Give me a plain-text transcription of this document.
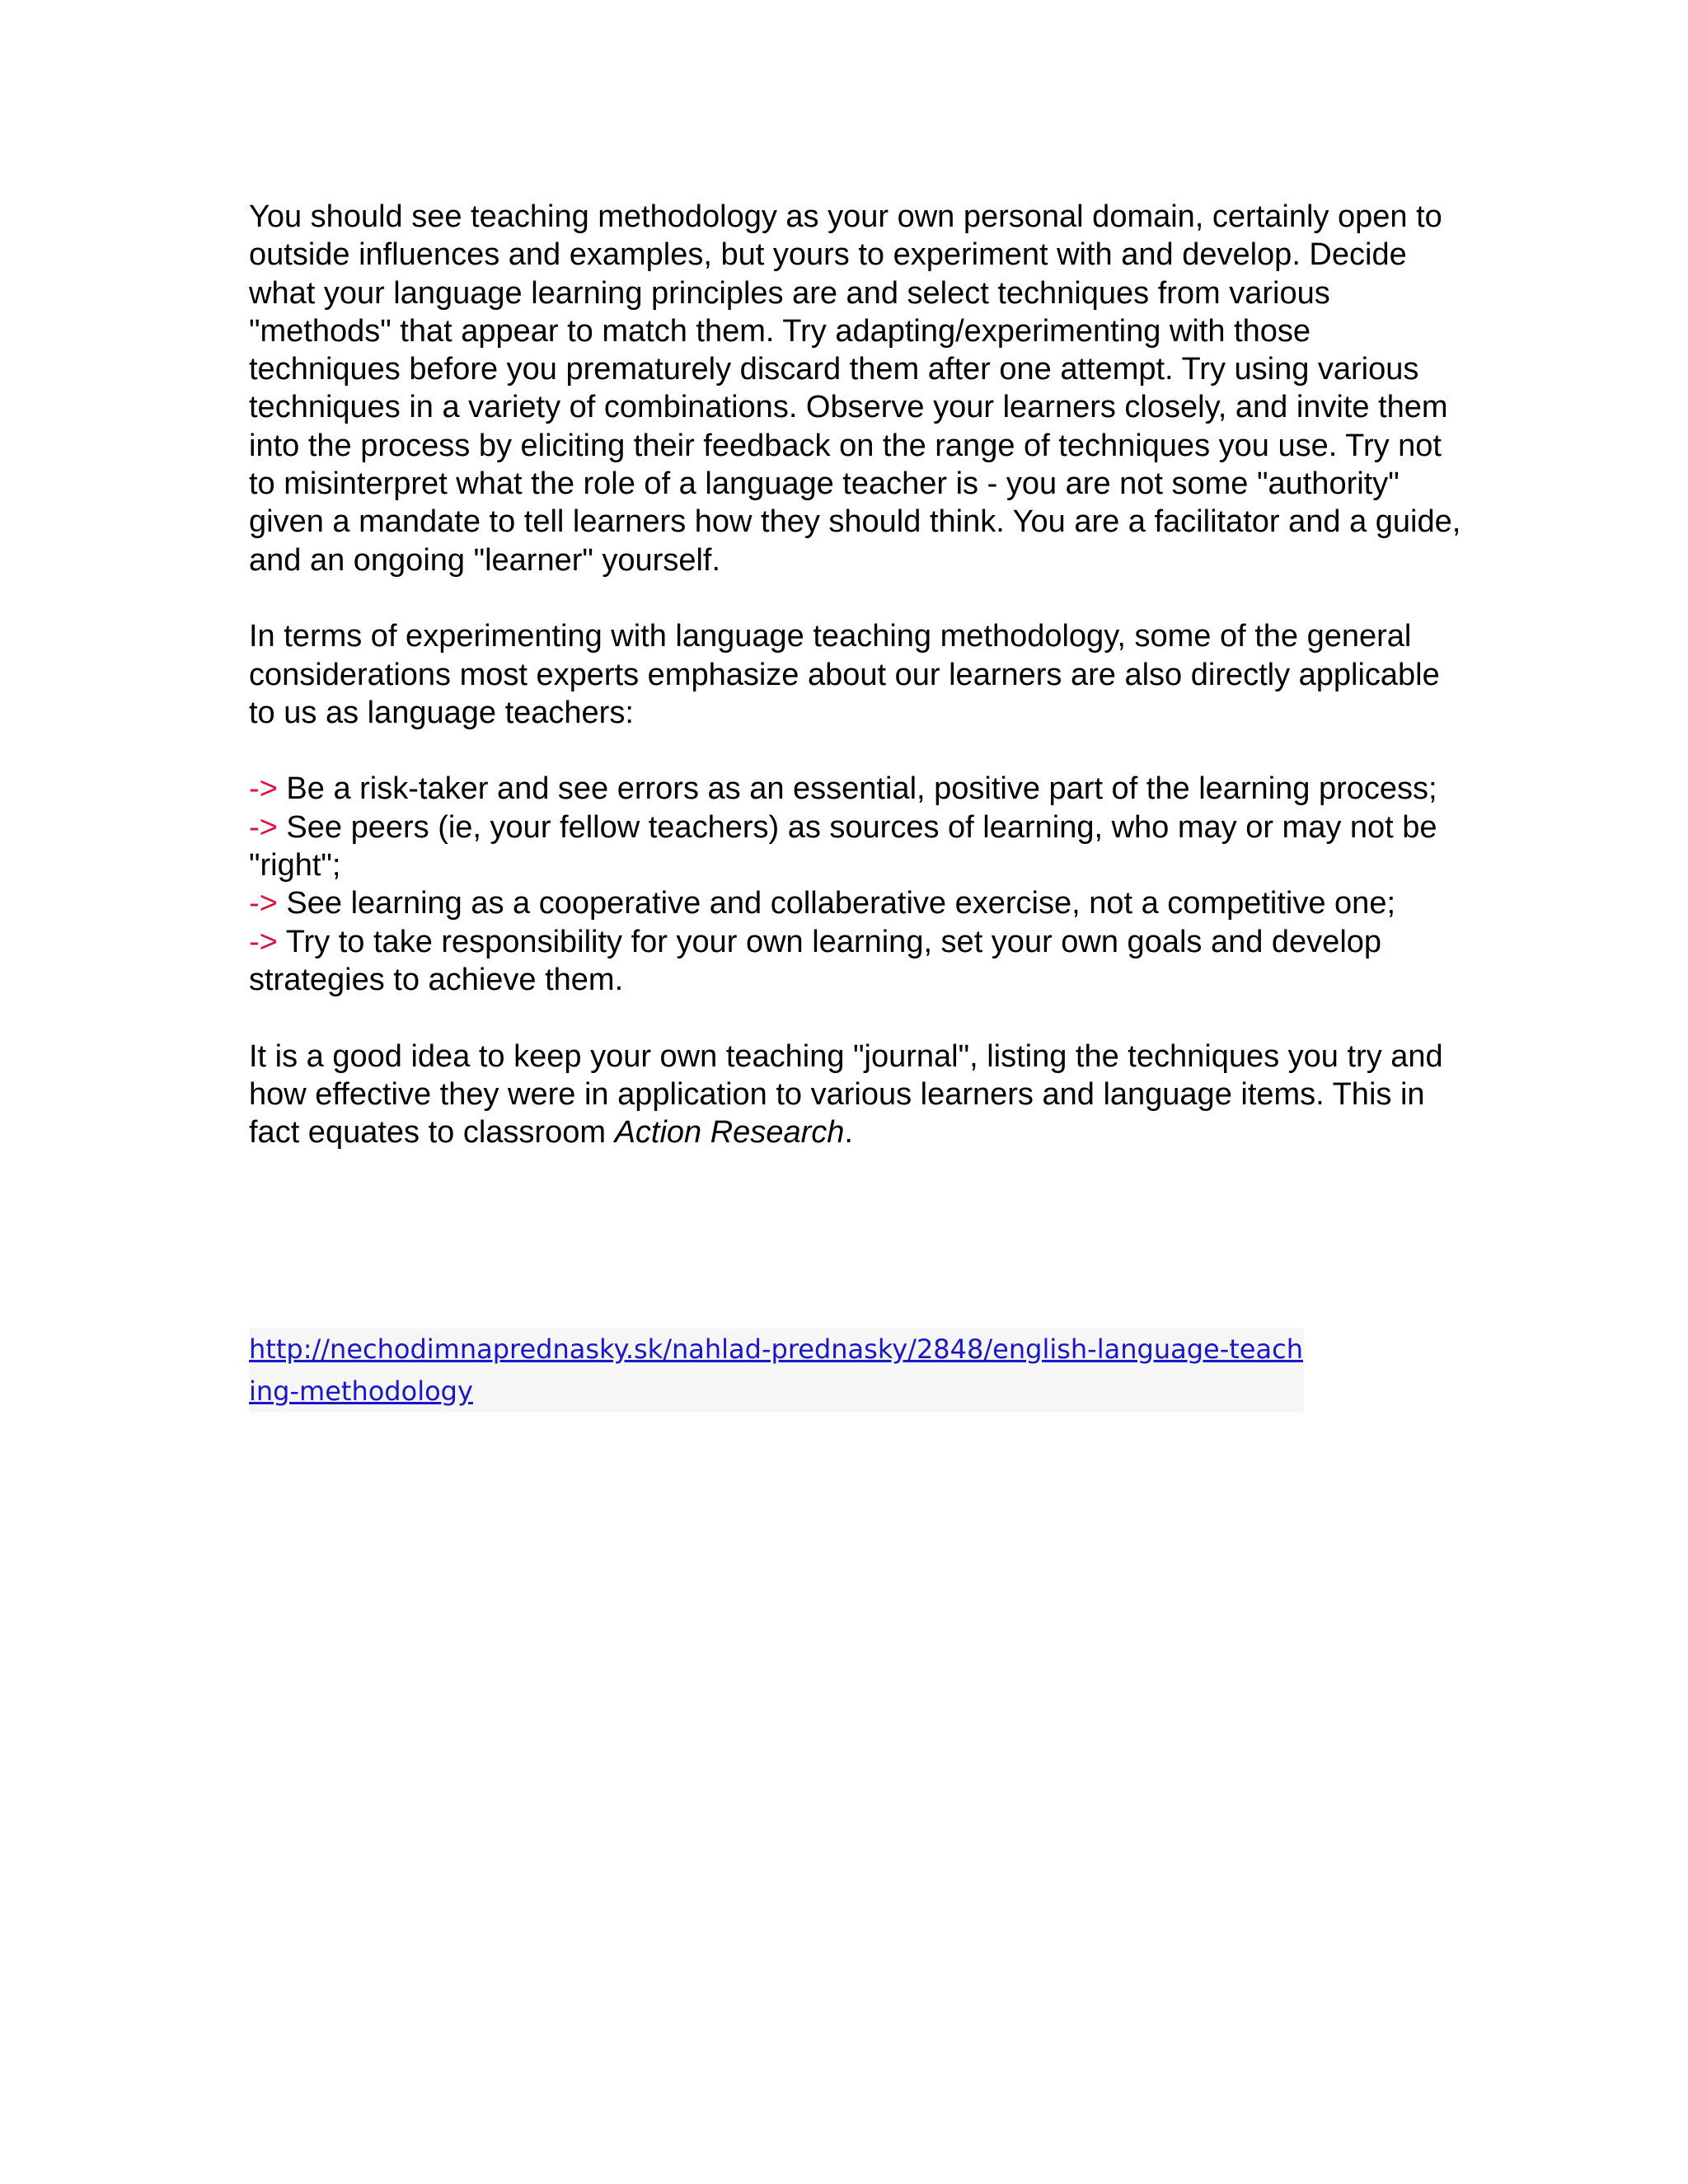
You should see teaching methodology as your own personal domain, certainly open to outside influences and examples, but yours to experiment with and develop. Decide what your language learning principles are and select techniques from various "methods" that appear to match them. Try adapting/experimenting with those techniques before you prematurely discard them after one attempt. Try using various techniques in a variety of combinations. Observe your learners closely, and invite them into the process by eliciting their feedback on the range of techniques you use. Try not to misinterpret what the role of a language teacher is - you are not some "authority" given a mandate to tell learners how they should think. You are a facilitator and a guide, and an ongoing "learner" yourself.

In terms of experimenting with language teaching methodology, some of the general considerations most experts emphasize about our learners are also directly applicable to us as language teachers:

-> Be a risk-taker and see errors as an essential, positive part of the learning process;

-> See peers (ie, your fellow teachers) as sources of learning, who may or may not be "right";

-> See learning as a cooperative and collaberative exercise, not a competitive one;

-> Try to take responsibility for your own learning, set your own goals and develop strategies to achieve them.

It is a good idea to keep your own teaching "journal", listing the techniques you try and how effective they were in application to various learners and language items. This in fact equates to classroom Action Research.

http://nechodimnaprednasky.sk/nahlad-prednasky/2848/english-language-teaching-methodology
